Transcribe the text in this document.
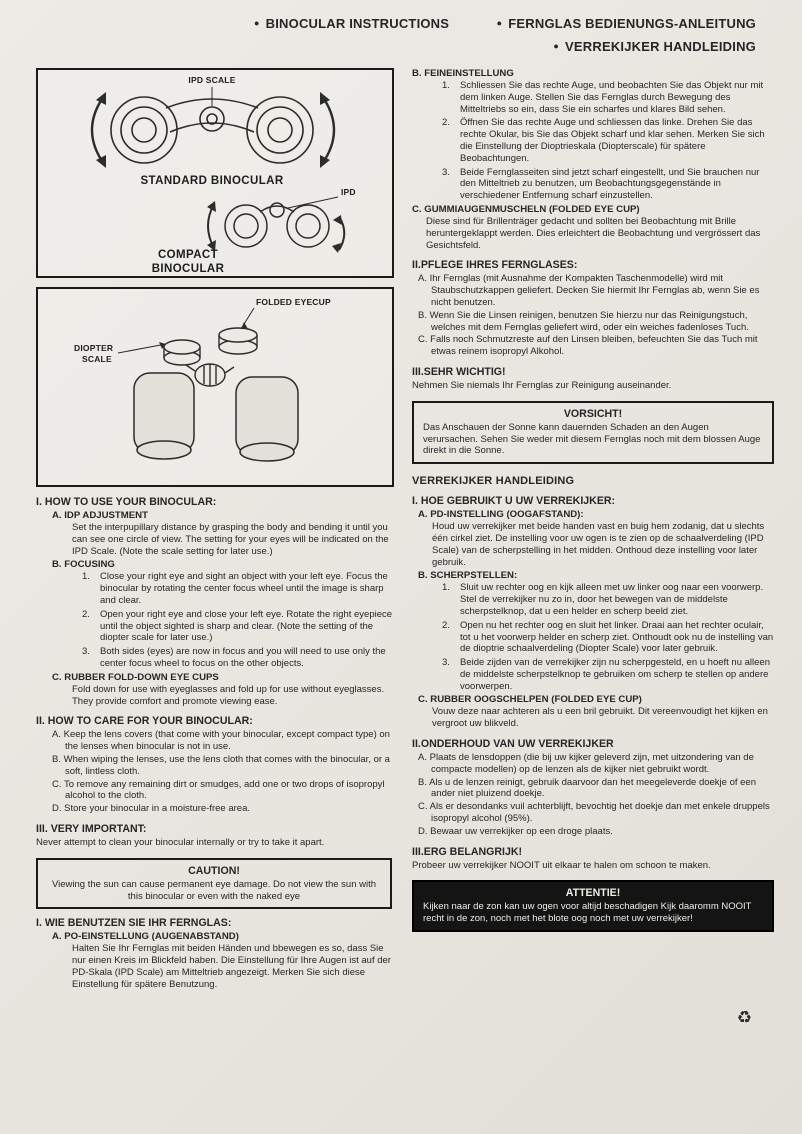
● BINOCULAR INSTRUCTIONS	● FERNGLAS BEDIENUNGS-ANLEITUNG
● VERREKIJKER HANDLEIDING
IPD SCALE
STANDARD BINOCULAR
IPD
COMPACT
BINOCULAR
FOLDED EYECUP
DIOPTER
SCALE
I. HOW TO USE YOUR BINOCULAR:
A. IDP ADJUSTMENT
Set the interpupillary distance by grasping the body and bending it until you can see one circle of view. The setting for your eyes will be indicated on the IPD Scale. (Note the scale setting for later use.)
B. FOCUSING
1.	Close your right eye and sight an object with your left eye. Focus the binocular by rotating the center focus wheel until the image is sharp and clear.
2.	Open your right eye and close your left eye. Rotate the right eyepiece until the object sighted is sharp and clear. (Note the setting of the diopter scale for later use.)
3.	Both sides (eyes) are now in focus and you will need to use only the center focus wheel to focus on the other objects.
C. RUBBER FOLD-DOWN EYE CUPS
Fold down for use with eyeglasses and fold up for use without eyeglasses. They provide comfort and promote viewing ease.
II. HOW TO CARE FOR YOUR BINOCULAR:
A. Keep the lens covers (that come with your binocular, except compact type) on the lenses when binocular is not in use.
B. When wiping the lenses, use the lens cloth that comes with the binocular, or a soft, lintless cloth.
C. To remove any remaining dirt or smudges, add one or two drops of isopropyl alcohol to the cloth.
D. Store your binocular in a moisture-free area.
III. VERY IMPORTANT:
Never attempt to clean your binocular internally or try to take it apart.
CAUTION!
Viewing the sun can cause permanent eye damage. Do not view the sun with this binocular or even with the naked eye
I. WIE BENUTZEN SIE IHR FERNGLAS:
A. PO-EINSTELLUNG (AUGENABSTAND)
Halten Sie Ihr Fernglas mit beiden Händen und bbewegen es so, dass Sie nur einen Kreis im Blickfeld haben. Die Einstellung für Ihre Augen ist auf der PD-Skala (IPD Scale) am Mitteltrieb angezeigt. Merken Sie sich diese Einstellung für spätere Benutzung.
B. FEINEINSTELLUNG
1.	Schliessen Sie das rechte Auge, und beobachten Sie das Objekt nur mit dem linken Auge. Stellen Sie das Fernglas durch Bewegung des Mitteltriebs so ein, dass Sie ein scharfes und klares Bild sehen.
2.	Öffnen Sie das rechte Auge und schliessen das linke. Drehen Sie das rechte Okular, bis Sie das Objekt scharf und klar sehen. Merken Sie sich die Einstellung der Dioptrieskala (Diopterscale) für spätere Beobachtungen.
3.	Beide Fernglasseiten sind jetzt scharf eingestellt, und Sie brauchen nur den Mitteltrieb zu benutzen, um Beobachtungsgegenstände in verschiedener Entfernung scharf einzustellen.
C. GUMMIAUGENMUSCHELN (FOLDED EYE CUP)
Diese sind für Brillenträger gedacht und sollten bei Beobachtung mit Brille heruntergeklappt werden. Dies erleichtert die Beobachtung und vergrössert das Gesichtsfeld.
II.PFLEGE IHRES FERNGLASES:
A. Ihr Fernglas (mit Ausnahme der Kompakten Taschenmodelle) wird mit Staubschutzkappen geliefert. Decken Sie hiermit Ihr Fernglas ab, wenn Sie es nicht benutzen.
B. Wenn Sie die Linsen reinigen, benutzen Sie hierzu nur das Reinigungstuch, welches mit dem Fernglas geliefert wird, oder ein weiches fadenloses Tuch.
C. Falls noch Schmutzreste auf den Linsen bleiben, befeuchten Sie das Tuch mit etwas reinem isopropyl Alkohol.
III.SEHR WICHTIG!
Nehmen Sie niemals Ihr Fernglas zur Reinigung auseinander.
VORSICHT!
Das Anschauen der Sonne kann dauernden Schaden an den Augen verursachen. Sehen Sie weder mit diesem Fernglas noch mit dem blossen Auge direkt in die Sonne.
VERREKIJKER HANDLEIDING
I. HOE GEBRUIKT U UW VERREKIJKER:
A. PD-INSTELLING (OOGAFSTAND):
Houd uw verrekijker met beide handen vast en buig hem zodanig, dat u slechts één cirkel ziet. De instelling voor uw ogen is te zien op de schaalverdeling (IPD Scale) van de scherpstelling in het midden. Onthoud deze instelling voor later gebruik.
B. SCHERPSTELLEN:
1.	Sluit uw rechter oog en kijk alleen met uw linker oog naar een voorwerp. Stel de verrekijker nu zo in, door het bewegen van de middelste scherpstelknop, dat u een helder en scherp beeld ziet.
2.	Open nu het rechter oog en sluit het linker. Draai aan het rechter oculair, tot u het voorwerp helder en scherp ziet. Onthoudt ook nu de instelling van de dioptrie schaalverdeling (Diopter Scale) voor later gebruik.
3.	Beide zijden van de verrekijker zijn nu scherpgesteld, en u hoeft nu alleen de middelste scherpstelknop te gebruiken om scherp te stellen op andere voorwerpen.
C. RUBBER OOGSCHELPEN (FOLDED EYE CUP)
Vouw deze naar achteren als u een bril gebruikt. Dit vereenvoudigt het kijken en vergroot uw blikveld.
II.ONDERHOUD VAN UW VERREKIJKER
A. Plaats de lensdoppen (die bij uw kijker geleverd zijn, met uitzondering van de compacte modellen) op de lenzen als de kijker niet gebruikt wordt.
B. Als u de lenzen reinigt, gebruik daarvoor dan het meegeleverde doekje of een ander niet pluizend doekje.
C. Als er desondanks vuil achterblijft, bevochtig het doekje dan met enkele druppels isopropyl alcohol (95%).
D. Bewaar uw verrekijker op een droge plaats.
III.ERG BELANGRIJK!
Probeer uw verrekijker NOOIT uit elkaar te halen om schoon te maken.
ATTENTIE!
Kijken naar de zon kan uw ogen voor altijd beschadigen Kijk daaromm NOOIT recht in de zon, noch met het blote oog noch met uw verrekijker!
♻
